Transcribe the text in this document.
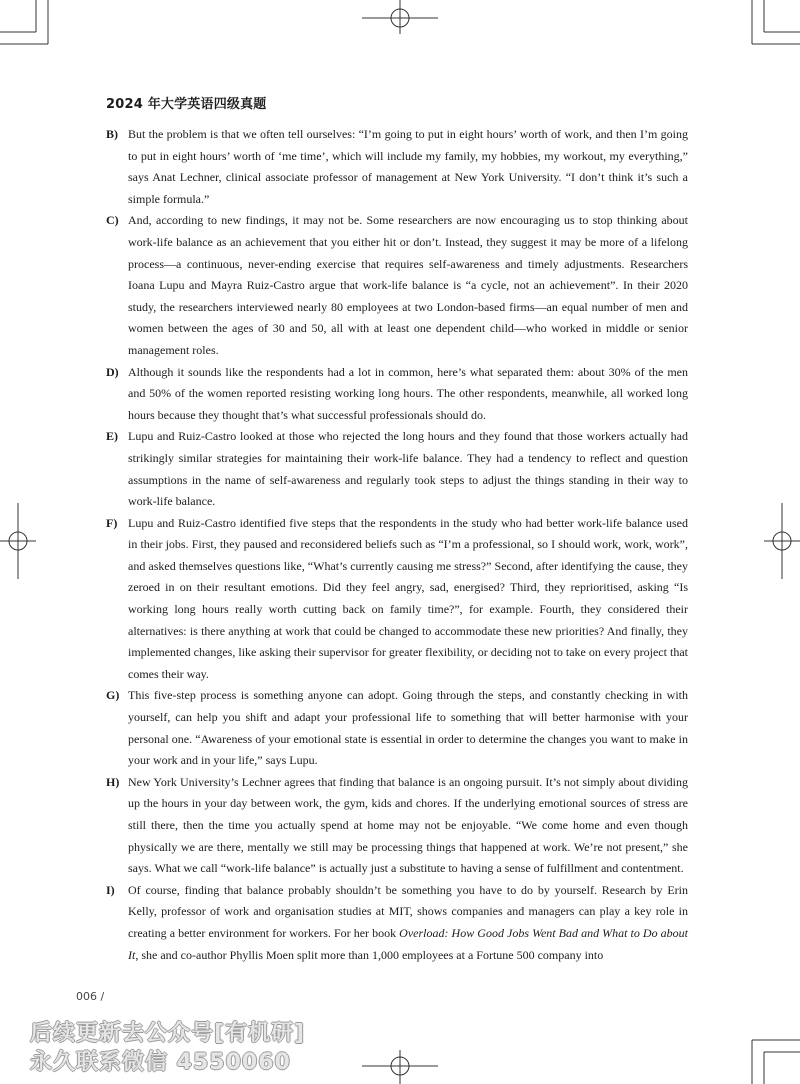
2024 年大学英语四级真题
B) But the problem is that we often tell ourselves: “I’m going to put in eight hours’ worth of work, and then I’m going to put in eight hours’ worth of ‘me time’, which will include my family, my hobbies, my workout, my everything,” says Anat Lechner, clinical associate professor of management at New York University. “I don’t think it’s such a simple formula.”
C) And, according to new findings, it may not be. Some researchers are now encouraging us to stop thinking about work-life balance as an achievement that you either hit or don’t. Instead, they suggest it may be more of a lifelong process—a continuous, never-ending exercise that requires self-awareness and timely adjustments. Researchers Ioana Lupu and Mayra Ruiz-Castro argue that work-life balance is “a cycle, not an achievement”. In their 2020 study, the researchers interviewed nearly 80 employees at two London-based firms—an equal number of men and women between the ages of 30 and 50, all with at least one dependent child—who worked in middle or senior management roles.
D) Although it sounds like the respondents had a lot in common, here’s what separated them: about 30% of the men and 50% of the women reported resisting working long hours. The other respondents, meanwhile, all worked long hours because they thought that’s what successful professionals should do.
E) Lupu and Ruiz-Castro looked at those who rejected the long hours and they found that those workers actually had strikingly similar strategies for maintaining their work-life balance. They had a tendency to reflect and question assumptions in the name of self-awareness and regularly took steps to adjust the things standing in their way to work-life balance.
F) Lupu and Ruiz-Castro identified five steps that the respondents in the study who had better work-life balance used in their jobs. First, they paused and reconsidered beliefs such as “I’m a professional, so I should work, work, work”, and asked themselves questions like, “What’s currently causing me stress?” Second, after identifying the cause, they zeroed in on their resultant emotions. Did they feel angry, sad, energised? Third, they reprioritised, asking “Is working long hours really worth cutting back on family time?”, for example. Fourth, they considered their alternatives: is there anything at work that could be changed to accommodate these new priorities? And finally, they implemented changes, like asking their supervisor for greater flexibility, or deciding not to take on every project that comes their way.
G) This five-step process is something anyone can adopt. Going through the steps, and constantly checking in with yourself, can help you shift and adapt your professional life to something that will better harmonise with your personal one. “Awareness of your emotional state is essential in order to determine the changes you want to make in your work and in your life,” says Lupu.
H) New York University’s Lechner agrees that finding that balance is an ongoing pursuit. It’s not simply about dividing up the hours in your day between work, the gym, kids and chores. If the underlying emotional sources of stress are still there, then the time you actually spend at home may not be enjoyable. “We come home and even though physically we are there, mentally we still may be processing things that happened at work. We’re not present,” she says. What we call “work-life balance” is actually just a substitute to having a sense of fulfillment and contentment.
I)	Of course, finding that balance probably shouldn’t be something you have to do by yourself. Research by Erin Kelly, professor of work and organisation studies at MIT, shows companies and managers can play a key role in creating a better environment for workers. For her book Overload: How Good Jobs Went Bad and What to Do about It, she and co-author Phyllis Moen split more than 1,000 employees at a Fortune 500 company into
006 /
后续更新去公众号[有机研]
永久联系微信 4550060
